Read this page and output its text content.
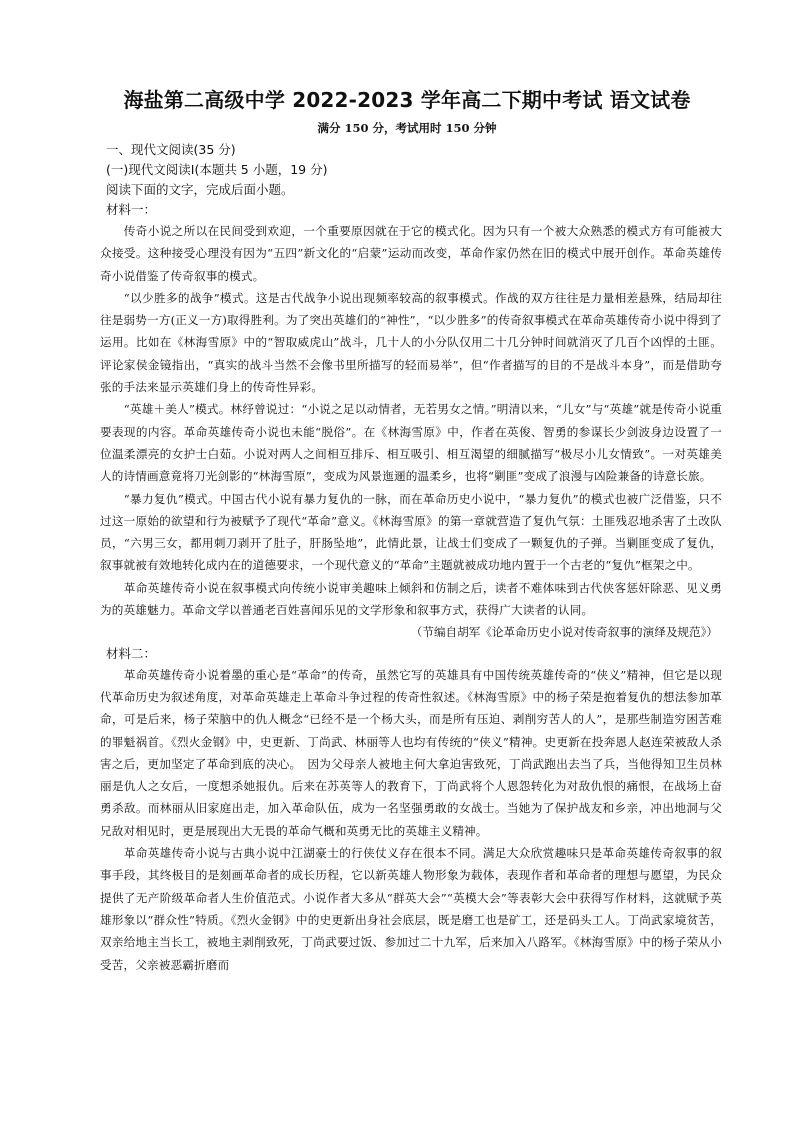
海盐第二高级中学 2022-2023 学年高二下期中考试 语文试卷
满分 150 分，考试用时 150 分钟
一、现代文阅读(35 分)
(一)现代文阅读Ⅰ(本题共 5 小题，19 分)
阅读下面的文字，完成后面小题。
材料一：

传奇小说之所以在民间受到欢迎，一个重要原因就在于它的模式化。因为只有一个被大众熟悉的模式方有可能被大众接受。这种接受心理没有因为“五四”新文化的“启蒙”运动而改变，革命作家仍然在旧的模式中展开创作。革命英雄传奇小说借鉴了传奇叙事的模式。

“以少胜多的战争”模式。这是古代战争小说出现频率较高的叙事模式。作战的双方往往是力量相差悬殊，结局却往往是弱势一方(正义一方)取得胜利。为了突出英雄们的“神性”，“以少胜多”的传奇叙事模式在革命英雄传奇小说中得到了运用。比如在《林海雪原》中的“智取威虎山”战斗，几十人的小分队仅用二十几分钟时间就消灭了几百个凶悍的土匪。评论家侯金镜指出，“真实的战斗当然不会像书里所描写的轻而易举”，但“作者描写的目的不是战斗本身”，而是借助夸张的手法来显示英雄们身上的传奇性异彩。

“英雄＋美人”模式。林纾曾说过：“小说之足以动情者，无若男女之情。”明清以来，“儿女”与“英雄”就是传奇小说重要表现的内容。革命英雄传奇小说也未能“脱俗”。在《林海雪原》中，作者在英俊、智勇的参谋长少剑波身边设置了一位温柔漂亮的女护士白茹。小说对两人之间相互排斥、相互吸引、相互渴望的细腻描写“极尽小儿女情致”。一对英雄美人的诗情画意竟将刀光剑影的“林海雪原”，变成为风景迤逦的温柔乡，也将“剿匪”变成了浪漫与凶险兼备的诗意长旅。

“暴力复仇”模式。中国古代小说有暴力复仇的一脉，而在革命历史小说中，“暴力复仇”的模式也被广泛借鉴，只不过这一原始的欲望和行为被赋予了现代“革命”意义。《林海雪原》的第一章就营造了复仇气氛：土匪残忍地杀害了土改队员，“六男三女，都用刺刀剥开了肚子，肝肠坠地”，此情此景，让战士们变成了一颗复仇的子弹。当剿匪变成了复仇，叙事就被有效地转化成内在的道德要求，一个现代意义的“革命”主题就被成功地内置于一个古老的“复仇”框架之中。

革命英雄传奇小说在叙事模式向传统小说审美趣味上倾斜和仿制之后，读者不难体味到古代侠客惩奸除恶、见义勇为的英雄魅力。革命文学以普通老百姓喜闻乐见的文学形象和叙事方式，获得广大读者的认同。

（节编自胡军《论革命历史小说对传奇叙事的演绎及规范》）
材料二：

革命英雄传奇小说着墨的重心是“革命”的传奇，虽然它写的英雄具有中国传统英雄传奇的“侠义”精神，但它是以现代革命历史为叙述角度，对革命英雄走上革命斗争过程的传奇性叙述。《林海雪原》中的杨子荣是抱着复仇的想法参加革命，可是后来，杨子荣脑中的仇人概念“已经不是一个杨大头，而是所有压迫、剥削穷苦人的人”，是那些制造穷困苦难的罪魁祸首。《烈火金钢》中，史更新、丁尚武、林丽等人也均有传统的“侠义”精神。史更新在投奔恩人赵连荣被敌人杀害之后，更加坚定了革命到底的决心。　因为父母亲人被地主何大拿迫害致死，丁尚武跑出去当了兵，当他得知卫生员林丽是仇人之女后，一度想杀她报仇。后来在苏英等人的教育下，丁尚武将个人恩怨转化为对敌仇恨的痛恨，在战场上奋勇杀敌。而林丽从旧家庭出走，加入革命队伍，成为一名坚强勇敢的女战士。当她为了保护战友和乡亲，冲出地洞与父兄敌对相见时，更是展现出大无畏的革命气概和英勇无比的英雄主义精神。

革命英雄传奇小说与古典小说中江湖豪士的行侠仗义存在很本不同。满足大众欣赏趣味只是革命英雄传奇叙事的叙事手段，其终极目的是刻画革命者的成长历程，它以新英雄人物形象为载体，表现作者和革命者的理想与愿望，为民众提供了无产阶级革命者人生价值范式。小说作者大多从“群英大会”“英模大会”等表彰大会中获得写作材料，这就赋予英雄形象以“群众性”特质。《烈火金钢》中的史更新出身社会底层，既是磨工也是矿工，还是码头工人。丁尚武家境贫苦，双亲给地主当长工，被地主剥削致死，丁尚武要过饭、参加过二十九军，后来加入八路军。《林海雪原》中的杨子荣从小受苦，父亲被恶霸折磨而
